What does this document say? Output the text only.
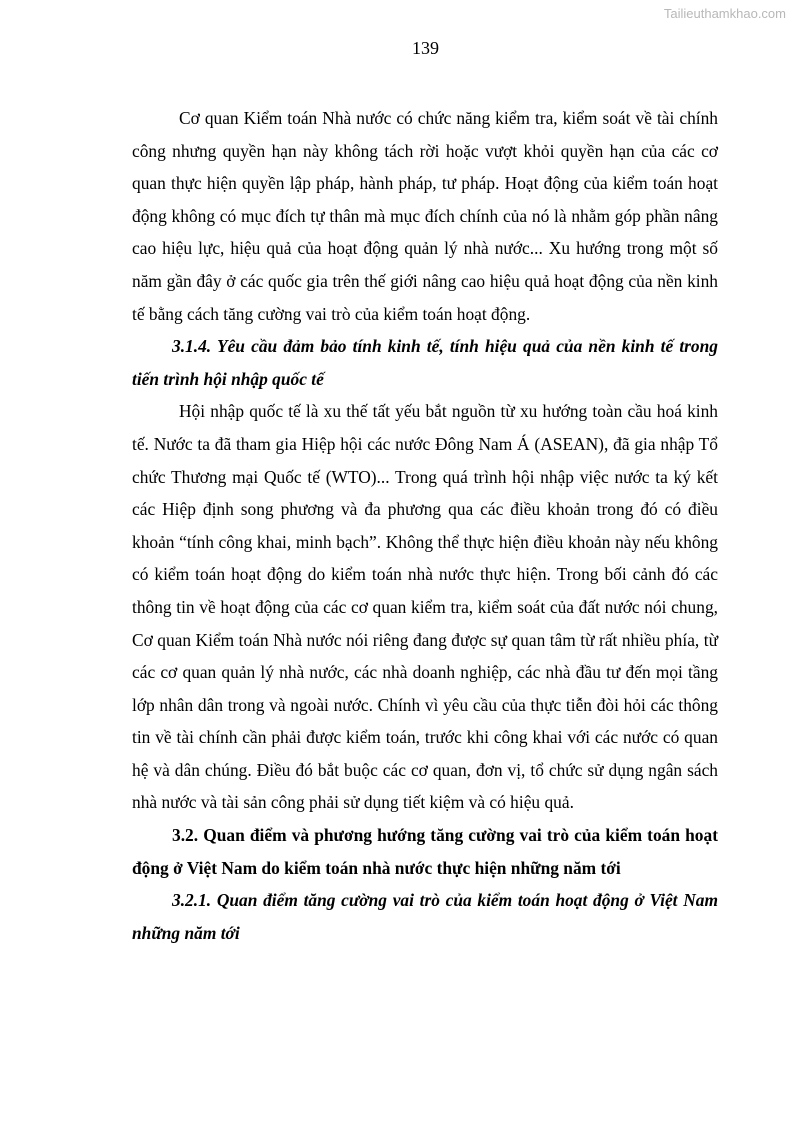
Tailieuthamkhao.com
139

Cơ quan Kiểm toán Nhà nước có chức năng kiểm tra, kiểm soát về tài chính công nhưng quyền hạn này không tách rời hoặc vượt khỏi quyền hạn của các cơ quan thực hiện quyền lập pháp, hành pháp, tư pháp. Hoạt động của kiểm toán hoạt động không có mục đích tự thân mà mục đích chính của nó là nhằm góp phần nâng cao hiệu lực, hiệu quả của hoạt động quản lý nhà nước... Xu hướng trong một số năm gần đây ở các quốc gia trên thế giới nâng cao hiệu quả hoạt động của nền kinh tế bằng cách tăng cường vai trò của kiểm toán hoạt động.

3.1.4. Yêu cầu đảm bảo tính kinh tế, tính hiệu quả của nền kinh tế trong tiến trình hội nhập quốc tế

Hội nhập quốc tế là xu thế tất yếu bắt nguồn từ xu hướng toàn cầu hoá kinh tế. Nước ta đã tham gia Hiệp hội các nước Đông Nam Á (ASEAN), đã gia nhập Tổ chức Thương mại Quốc tế (WTO)... Trong quá trình hội nhập việc nước ta ký kết các Hiệp định song phương và đa phương qua các điều khoản trong đó có điều khoản “tính công khai, minh bạch”. Không thể thực hiện điều khoản này nếu không có kiểm toán hoạt động do kiểm toán nhà nước thực hiện. Trong bối cảnh đó các thông tin về hoạt động của các cơ quan kiểm tra, kiểm soát của đất nước nói chung, Cơ quan Kiểm toán Nhà nước nói riêng đang được sự quan tâm từ rất nhiều phía, từ các cơ quan quản lý nhà nước, các nhà doanh nghiệp, các nhà đầu tư đến mọi tầng lớp nhân dân trong và ngoài nước. Chính vì yêu cầu của thực tiễn đòi hỏi các thông tin về tài chính cần phải được kiểm toán, trước khi công khai với các nước có quan hệ và dân chúng. Điều đó bắt buộc các cơ quan, đơn vị, tổ chức sử dụng ngân sách nhà nước và tài sản công phải sử dụng tiết kiệm và có hiệu quả.

3.2. Quan điểm và phương hướng tăng cường vai trò của kiểm toán hoạt động ở Việt Nam do kiểm toán nhà nước thực hiện những năm tới

3.2.1. Quan điểm tăng cường vai trò của kiểm toán hoạt động ở Việt Nam những năm tới
